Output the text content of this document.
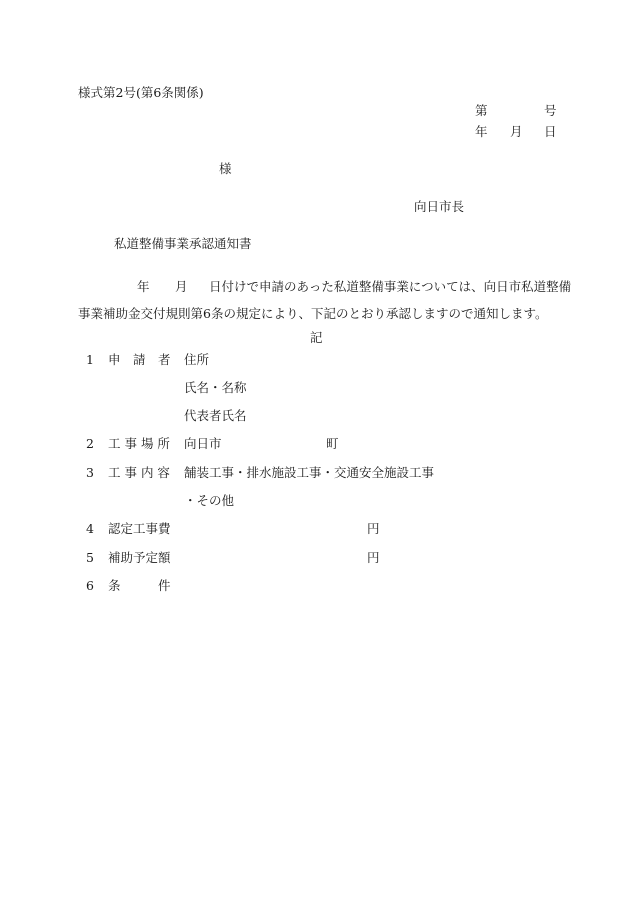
様式第2号(第6条関係)
第	号
年 月 日
様
向日市長
私道整備事業承認通知書
年 月 日付けで申請のあった私道整備事業については、向日市私道整備
事業補助金交付規則第6条の規定により、下記のとおり承認しますので通知します。
記
1 申　請　者 住所
氏名・名称
代表者氏名
2 工 事 場 所 向日市	町
3 工 事 内 容 舗装工事・排水施設工事・交通安全施設工事
・その他
4 認定工事費	円
5 補助予定額	円
6 条　　　件
